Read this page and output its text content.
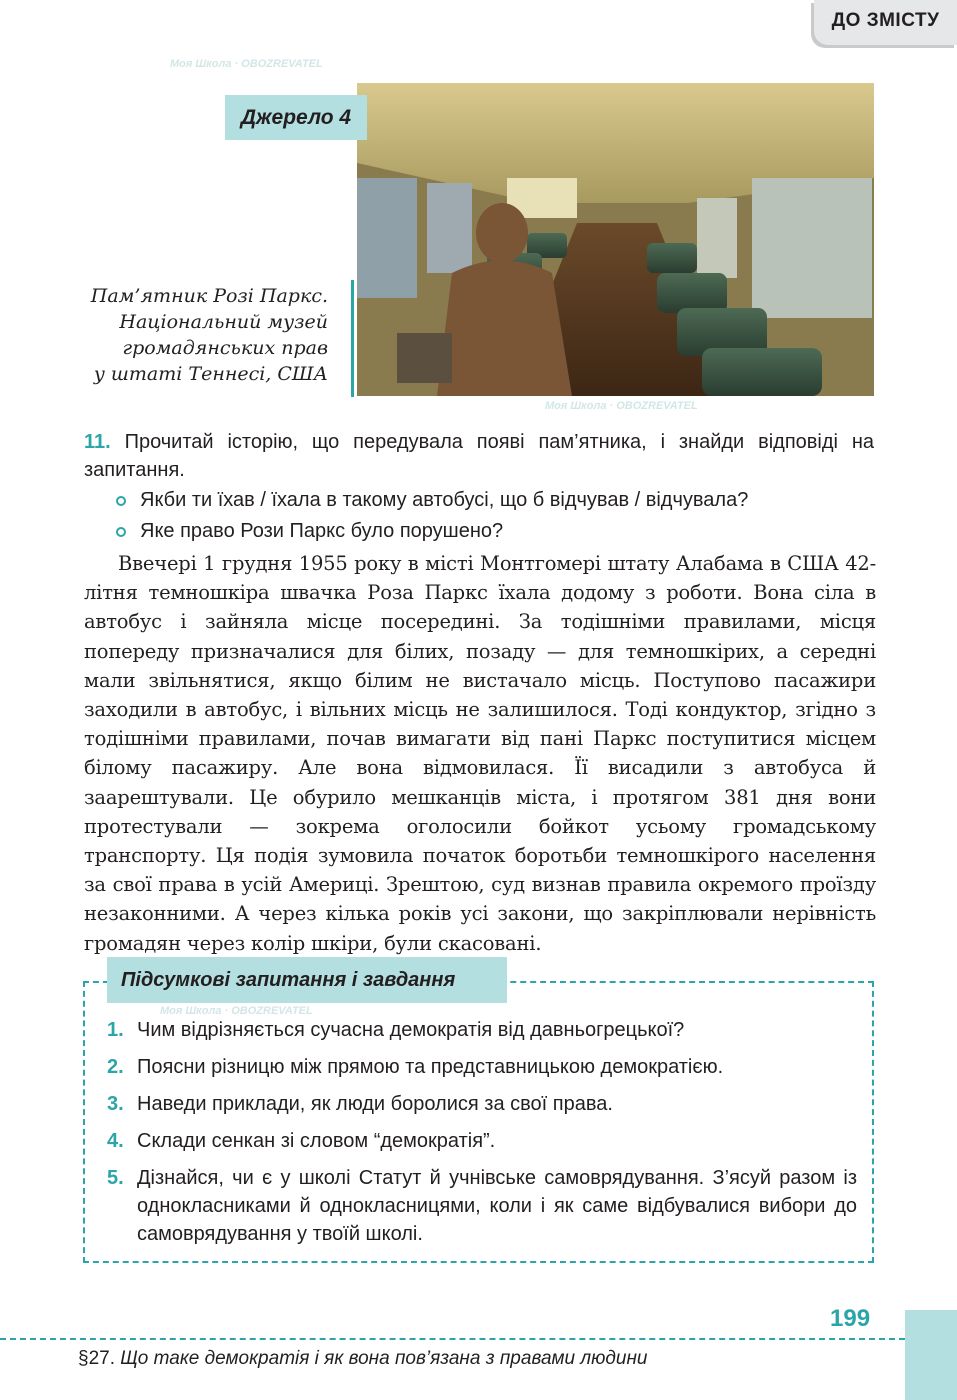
ДО ЗМІСТУ
Джерело 4
Пам’ятник Розі Паркс.
Національний музей
громадянських прав
у штаті Теннесі, США
11. Прочитай історію, що передувала появі пам’ятника, і знайди відповіді на запитання.
Якби ти їхав / їхала в такому автобусі, що б відчував / відчувала?
Яке право Рози Паркс було порушено?

Ввечері 1 грудня 1955 року в місті Монтгомері штату Алабама в США 42-літня темношкіра швачка Роза Паркс їхала додому з роботи. Вона сіла в автобус і зайняла місце посередині. За тодішніми правилами, місця попереду призначалися для білих, позаду — для темношкірих, а середні мали звільнятися, якщо білим не вистачало місць. Поступово пасажири заходили в автобус, і вільних місць не залишилося. Тоді кондуктор, згідно з тодішніми правилами, почав вимагати від пані Паркс поступитися місцем білому пасажиру. Але вона відмовилася. Її висадили з автобуса й заарештували. Це обурило мешканців міста, і протягом 381 дня вони протестували — зокрема оголосили бойкот усьому громадському транспорту. Ця подія зумовила початок боротьби темношкірого населення за свої права в усій Америці. Зрештою, суд визнав правила окремого проїзду незаконними. А через кілька років усі закони, що закріплювали нерівність громадян через колір шкіри, були скасовані.

Підсумкові запитання і завдання
1. Чим відрізняється сучасна демократія від давньогрецької?
2. Поясни різницю між прямою та представницькою демократією.
3. Наведи приклади, як люди боролися за свої права.
4. Склади сенкан зі словом “демократія”.
5. Дізнайся, чи є у школі Статут й учнівське самоврядування. З’ясуй разом із однокласниками й однокласницями, коли і як саме відбувалися вибори до самоврядування у твоїй школі.
199
§27. Що таке демократія і як вона пов’язана з правами людини
Моя Школа · OBOZREVATEL
Моя Школа · OBOZREVATEL
Моя Школа · OBOZREVATEL
